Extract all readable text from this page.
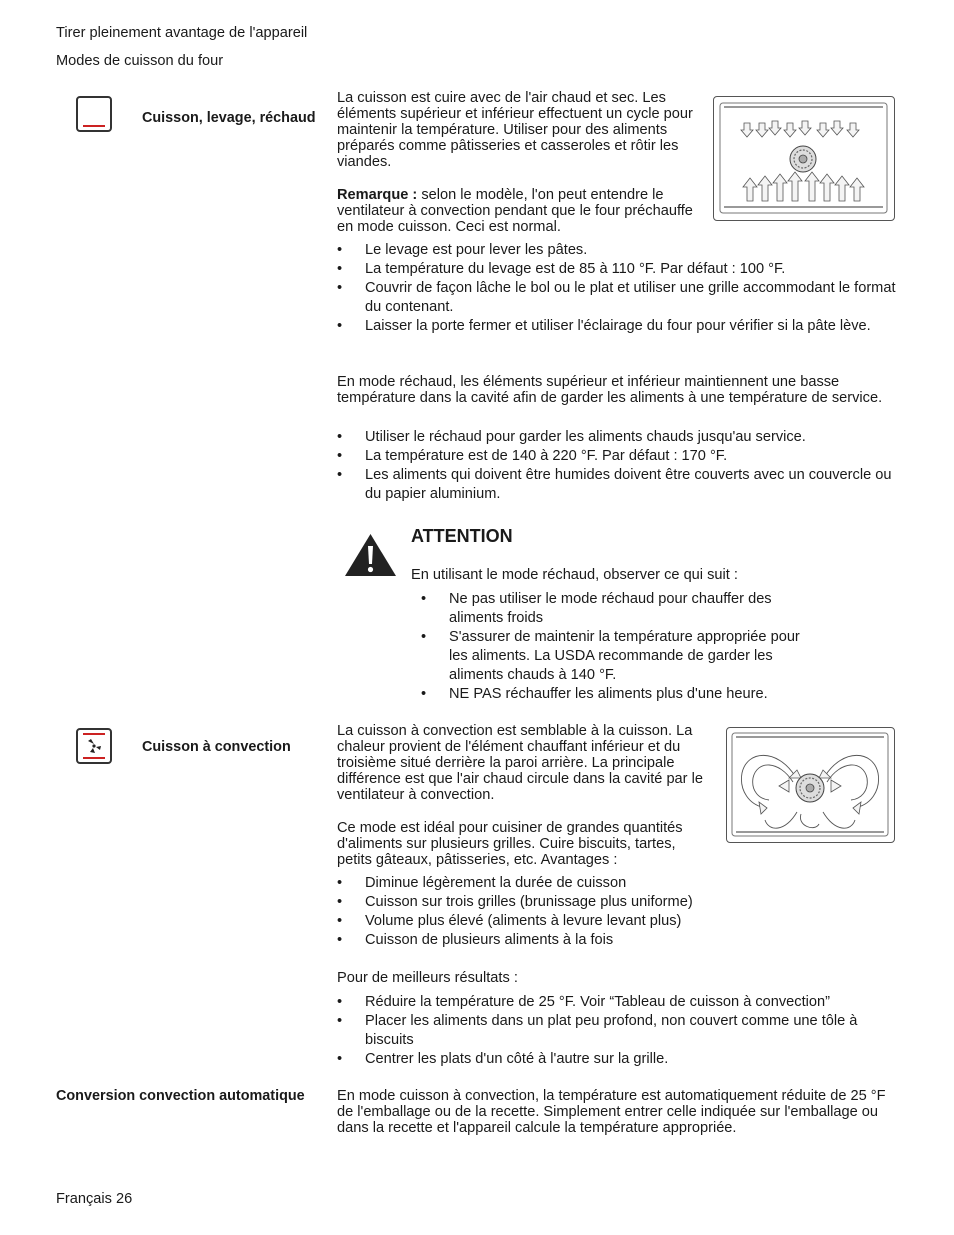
Tirer pleinement avantage de l'appareil
Modes de cuisson du four
Cuisson, levage, réchaud
La cuisson est cuire avec de l'air chaud et sec. Les éléments supérieur et inférieur effectuent un cycle pour maintenir la température. Utiliser pour des aliments préparés comme pâtisseries et casseroles et rôtir les viandes.
Remarque : selon le modèle, l'on peut entendre le ventilateur à convection pendant que le four préchauffe en mode cuisson. Ceci est normal.
• Le levage est pour lever les pâtes.
• La température du levage est de 85 à 110 °F. Par défaut : 100 °F.
• Couvrir de façon lâche le bol ou le plat et utiliser une grille accommodant le format du contenant.
• Laisser la porte fermer et utiliser l'éclairage du four pour vérifier si la pâte lève.
En mode réchaud, les éléments supérieur et inférieur maintiennent une basse température dans la cavité afin de garder les aliments à une température de service.
• Utiliser le réchaud pour garder les aliments chauds jusqu'au service.
• La température est de 140 à 220 °F. Par défaut : 170 °F.
• Les aliments qui doivent être humides doivent être couverts avec un couvercle ou du papier aluminium.
ATTENTION
En utilisant le mode réchaud, observer ce qui suit :
• Ne pas utiliser le mode réchaud pour chauffer des aliments froids
• S'assurer de maintenir la température appropriée pour les aliments. La USDA recommande de garder les aliments chauds à 140 °F.
• NE PAS réchauffer les aliments plus d'une heure.
Cuisson à convection
La cuisson à convection est semblable à la cuisson. La chaleur provient de l'élément chauffant inférieur et du troisième situé derrière la paroi arrière. La principale différence est que l'air chaud circule dans la cavité par le ventilateur à convection.
Ce mode est idéal pour cuisiner de grandes quantités d'aliments sur plusieurs grilles. Cuire biscuits, tartes, petits gâteaux, pâtisseries, etc. Avantages :
• Diminue légèrement la durée de cuisson
• Cuisson sur trois grilles (brunissage plus uniforme)
• Volume plus élevé (aliments à levure levant plus)
• Cuisson de plusieurs aliments à la fois
Pour de meilleurs résultats :
• Réduire la température de 25 °F. Voir “Tableau de cuisson à convection”
• Placer les aliments dans un plat peu profond, non couvert comme une tôle à biscuits
• Centrer les plats d'un côté à l'autre sur la grille.
Conversion convection automatique En mode cuisson à convection, la température est automatiquement réduite de 25 °F de l'emballage ou de la recette. Simplement entrer celle indiquée sur l'emballage ou dans la recette et l'appareil calcule la température appropriée.
Français 26
